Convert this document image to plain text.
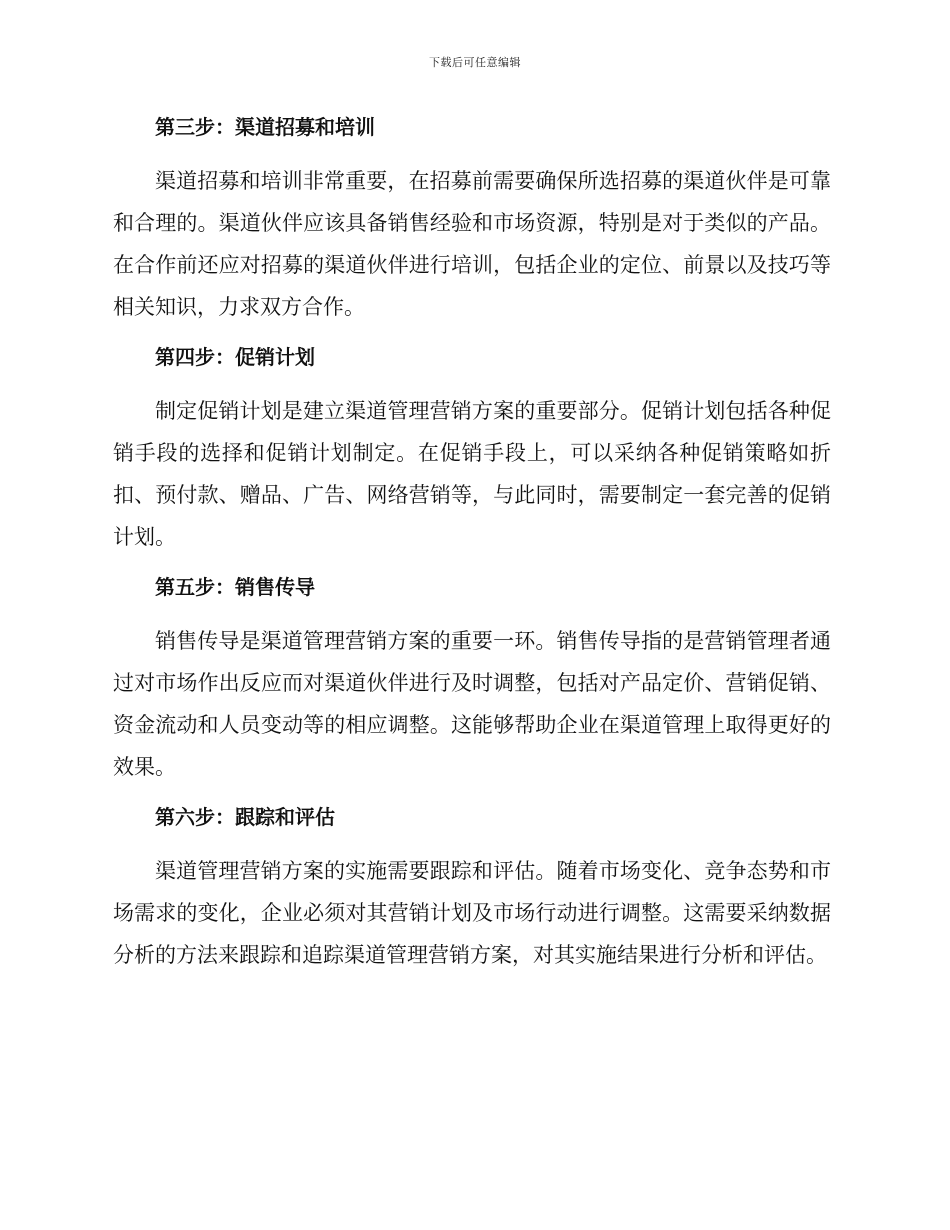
下载后可任意编辑
第三步：渠道招募和培训

渠道招募和培训非常重要，在招募前需要确保所选招募的渠道伙伴是可靠和合理的。渠道伙伴应该具备销售经验和市场资源，特别是对于类似的产品。在合作前还应对招募的渠道伙伴进行培训，包括企业的定位、前景以及技巧等相关知识，力求双方合作。

第四步：促销计划

制定促销计划是建立渠道管理营销方案的重要部分。促销计划包括各种促销手段的选择和促销计划制定。在促销手段上，可以采纳各种促销策略如折扣、预付款、赠品、广告、网络营销等，与此同时，需要制定一套完善的促销计划。

第五步：销售传导

销售传导是渠道管理营销方案的重要一环。销售传导指的是营销管理者通过对市场作出反应而对渠道伙伴进行及时调整，包括对产品定价、营销促销、资金流动和人员变动等的相应调整。这能够帮助企业在渠道管理上取得更好的效果。

第六步：跟踪和评估

渠道管理营销方案的实施需要跟踪和评估。随着市场变化、竞争态势和市场需求的变化，企业必须对其营销计划及市场行动进行调整。这需要采纳数据分析的方法来跟踪和追踪渠道管理营销方案，对其实施结果进行分析和评估。
